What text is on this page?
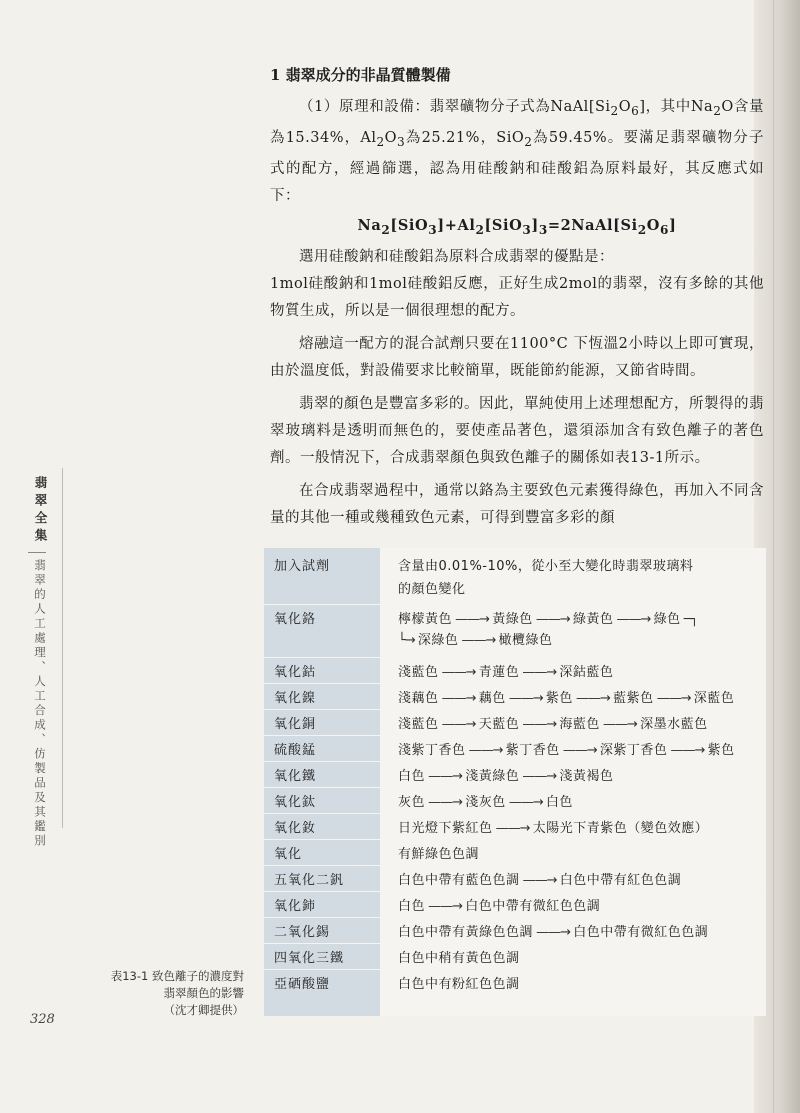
翡翠全集
翡翠的人工處理、人工合成、仿製品及其鑑別

1 翡翠成分的非晶質體製備

（1）原理和設備：翡翠礦物分子式為$NaAl[Si_2O_6]$，其中$Na_2O$含量為15.34%，$Al_2O_3$為25.21%，SiO$_2$為59.45%。要滿足翡翠礦物分子式的配方，經過篩選，認為用硅酸鈉和硅酸鋁為原料最好，其反應式如下：

$Na_2[SiO_3]+Al_2[SiO_3]_3=2NaAl[Si_2O_6]$

選用硅酸鈉和硅酸鋁為原料合成翡翠的優點是：

1mol硅酸鈉和1mol硅酸鋁反應，正好生成2mol的翡翠，沒有多餘的其他物質生成，所以是一個很理想的配方。

熔融這一配方的混合試劑只要在1100°C 下恆溫2小時以上即可實現，由於溫度低，對設備要求比較簡單，既能節約能源，又節省時間。

翡翠的顏色是豐富多彩的。因此，單純使用上述理想配方，所製得的翡翠玻璃料是透明而無色的，要使產品著色，還須添加含有致色離子的著色劑。一般情況下，合成翡翠顏色與致色離子的關係如表13-1所示。

在合成翡翠過程中，通常以鉻為主要致色元素獲得綠色，再加入不同含量的其他一種或幾種致色元素，可得到豐富多彩的顏

加入試劑	含量由0.01%-10%，從小至大變化時翡翠玻璃料
的顏色變化
氧化鉻	檸檬黃色 ——→ 黃綠色 ——→ 綠黃色 ——→ 綠色 ─┐
└→ 深綠色 ——→ 橄欖綠色
氧化鈷	淺藍色 ——→ 青蓮色 ——→ 深鈷藍色
氧化鎳	淺藕色 ——→ 藕色 ——→ 紫色 ——→ 藍紫色 ——→ 深藍色
氧化銅	淺藍色 ——→ 天藍色 ——→ 海藍色 ——→ 深墨水藍色
硫酸錳	淺紫丁香色 ——→ 紫丁香色 ——→ 深紫丁香色 ——→ 紫色
氧化鐵	白色 ——→ 淺黃綠色 ——→ 淺黃褐色
氧化鈦	灰色 ——→ 淺灰色 ——→ 白色
氧化釹	日光燈下紫紅色 ——→ 太陽光下青紫色（變色效應）
氧化	有鮮綠色色調
五氧化二釩	白色中帶有藍色色調 ——→ 白色中帶有紅色色調
氧化鈰	白色 ——→ 白色中帶有微紅色色調
二氧化錫	白色中帶有黃綠色色調 ——→ 白色中帶有微紅色色調
四氧化三鐵	白色中稍有黃色色調
亞硒酸鹽	白色中有粉紅色色調
表13-1 致色離子的濃度對
翡翠顏色的影響
（沈才卿提供）
328
